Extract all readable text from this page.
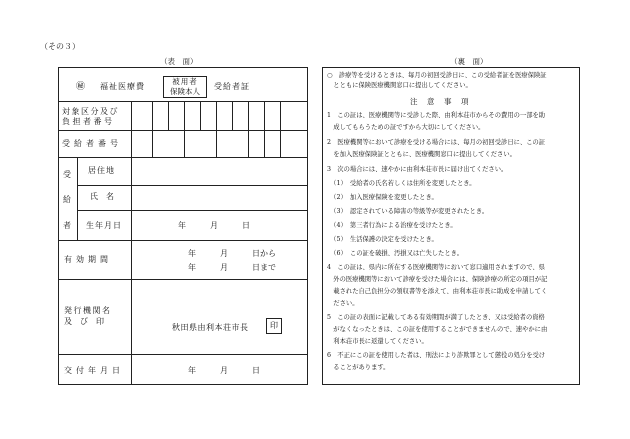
（その３）
（表　面）	（裏　面）
㊙ 福祉医療費
被用者
保険本人
受給者証
対象区分及び
負担者番号
受給者番号
受
給
者
居住地
氏　名
生年月日	年　　　月　　　日
有効期間
年　　　月　　　日から
年　　　月　　　日まで
発行機関名
及　び　印
秋田県由利本荘市長	印
交付年月日	年　　　月　　　日
○　診療等を受けるときは、毎月の初回受診日に、この受給者証を医療保険証
　とともに保険医療機関窓口に提出してください。
注　意　事　項
1　この証は、医療機関等に受診した際、由利本荘市からその費用の一部を助
　成してもらうための証ですから大切にしてください。
2　医療機関等において診療を受ける場合には、毎月の初回受診日に、この証
　を加入医療保険証とともに、医療機関窓口に提出してください。
3　次の場合には、速やかに由利本荘市長に届け出てください。
　（1）　受給者の氏名若しくは住所を変更したとき。
　（2）　加入医療保険を変更したとき。
　（3）　認定されている障害の等級等が変更されたとき。
　（4）　第三者行為による治療を受けたとき。
　（5）　生活保護の決定を受けたとき。
　（6）　この証を破損、汚損又は亡失したとき。
4　この証は、県内に所在する医療機関等において窓口適用されますので、県
　外の医療機関等において診療を受けた場合には、保険診療の所定の項目が記
　載された自己負担分の領収書等を添えて、由利本荘市長に助成を申請してく
　ださい。
5　この証の表面に記載してある有効期間が満了したとき、又は受給者の資格
　がなくなったときは、この証を使用することができませんので、速やかに由
　利本荘市長に返還してください。
6　不正にこの証を使用した者は、刑法により詐欺罪として懲役の処分を受け
　ることがあります。
